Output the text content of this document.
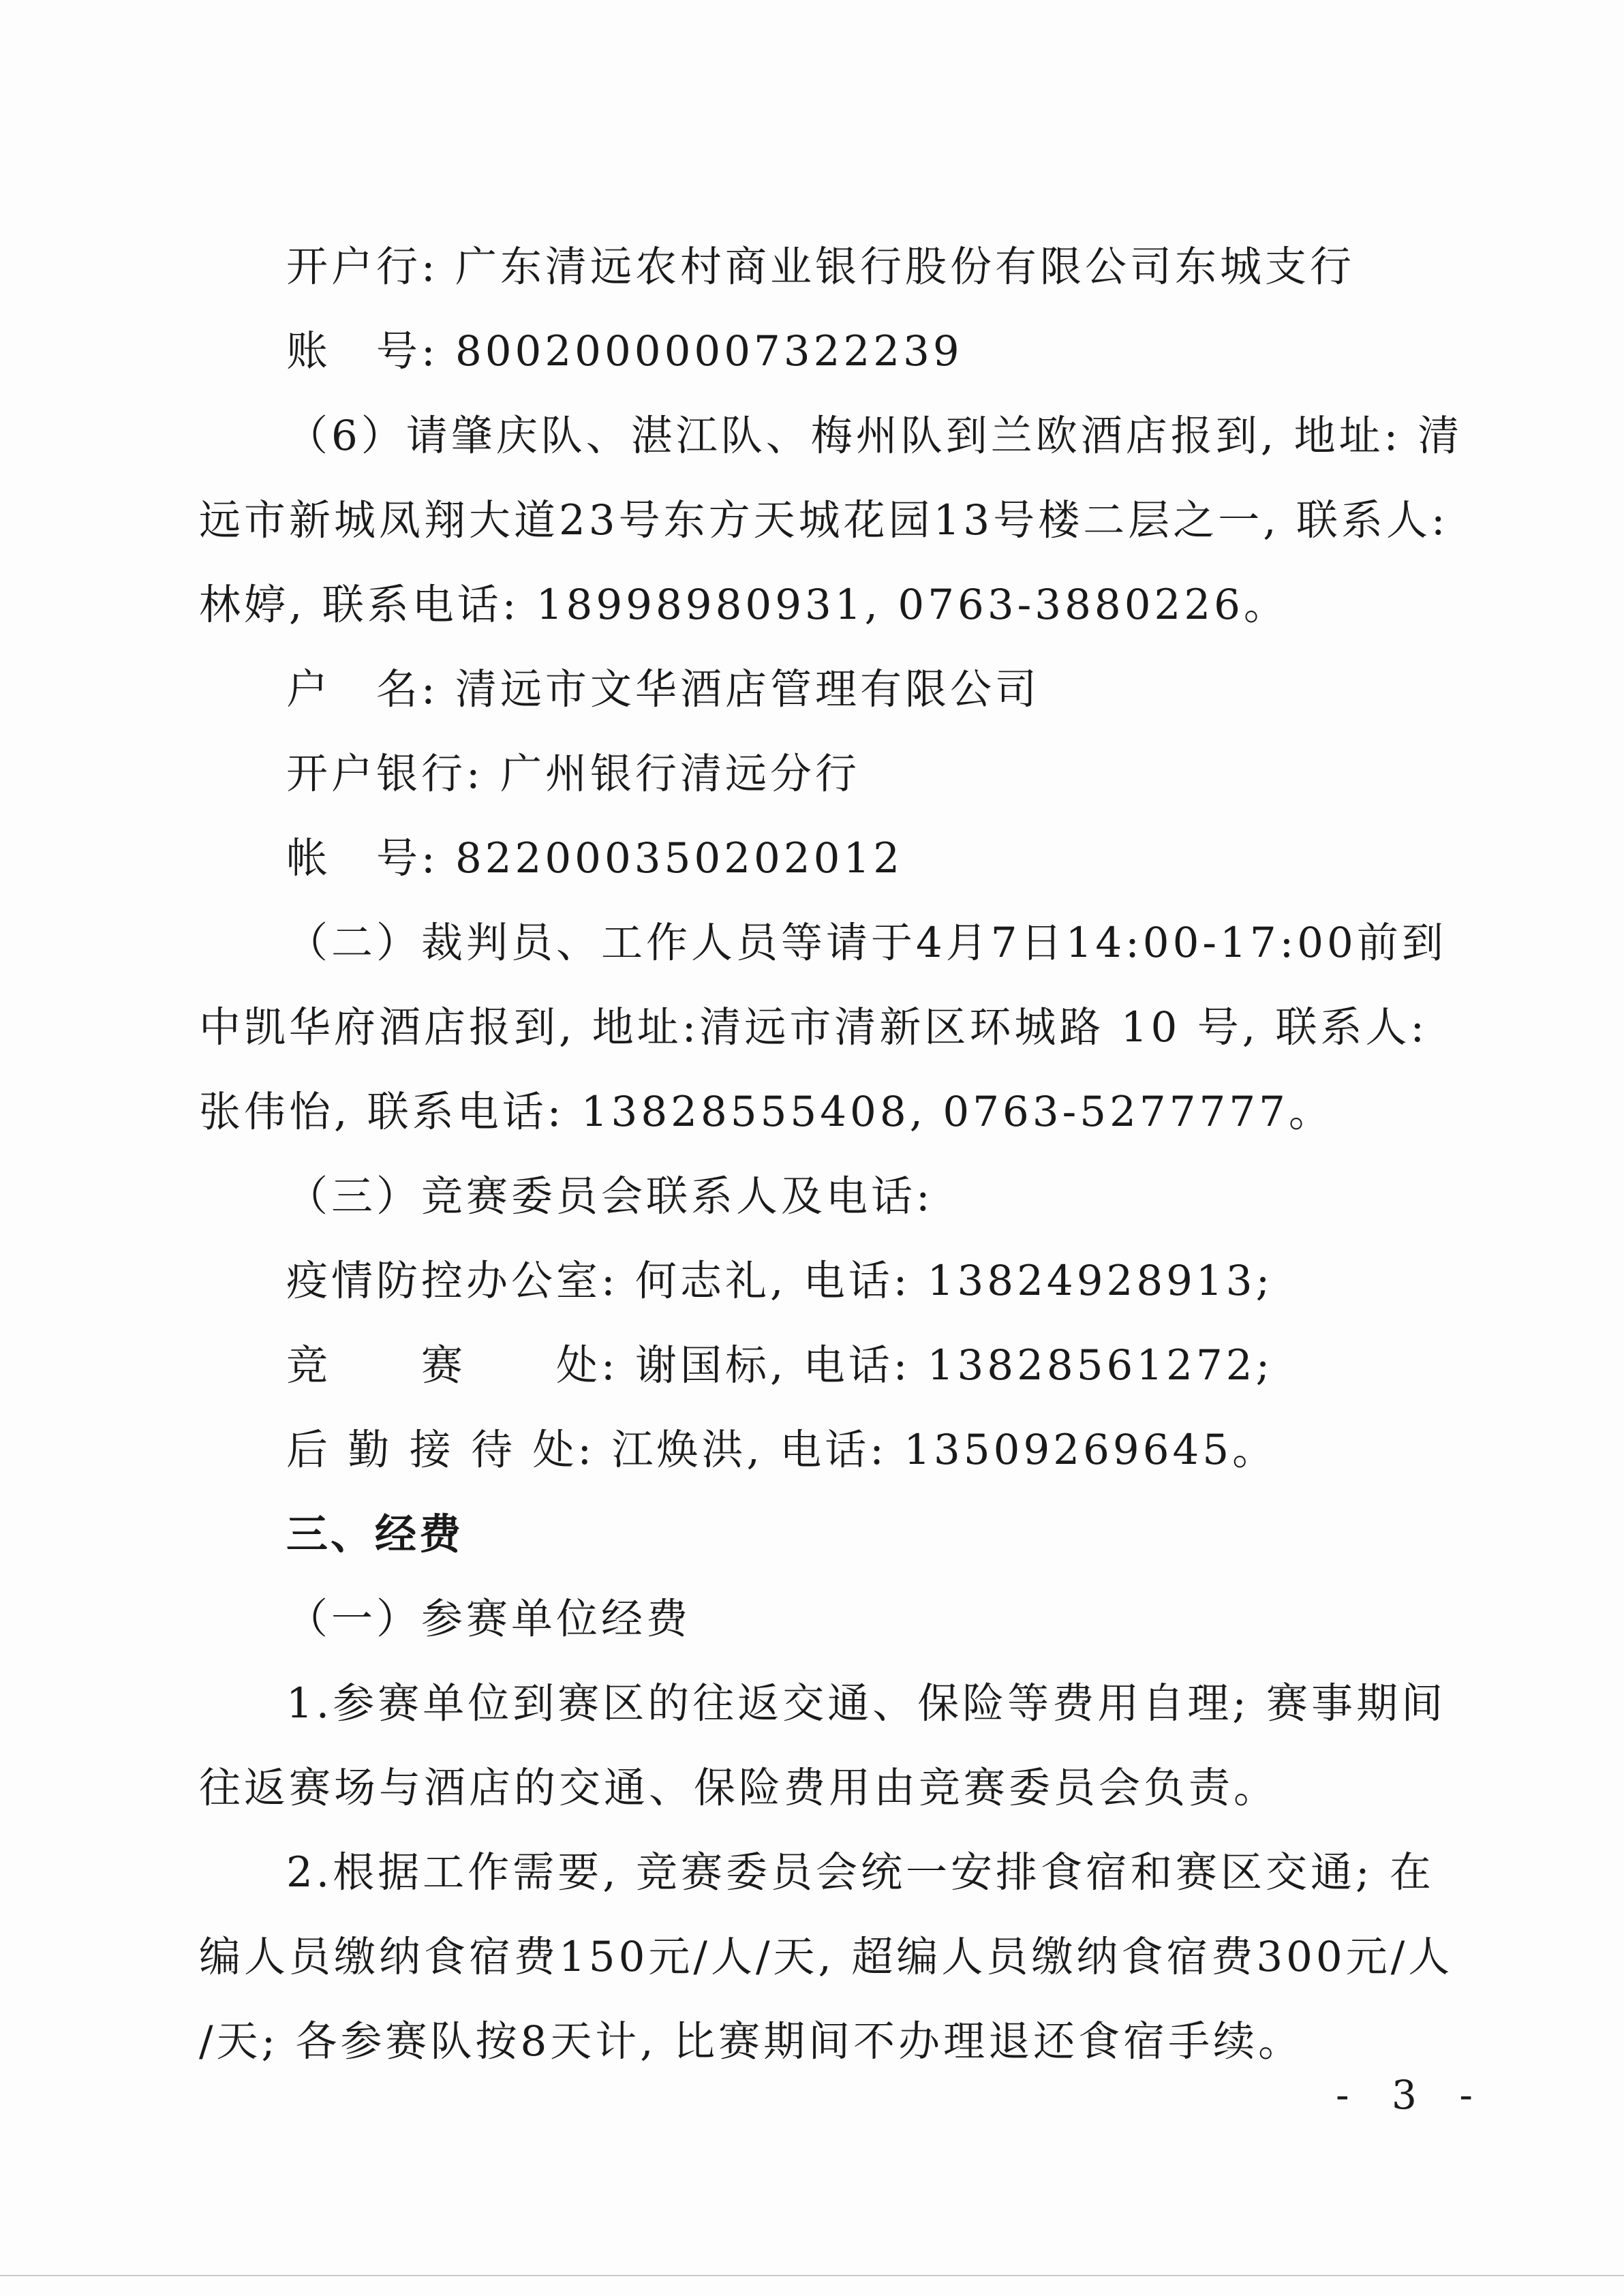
开户行: 广东清远农村商业银行股份有限公司东城支行
账　号: 80020000007322239
（6）请肇庆队、湛江队、梅州队到兰欧酒店报到, 地址: 清
远市新城凤翔大道23号东方天城花园13号楼二层之一, 联系人:
林婷, 联系电话: 18998980931, 0763-3880226。
户　名: 清远市文华酒店管理有限公司
开户银行: 广州银行清远分行
帐　号: 822000350202012
（二）裁判员、工作人员等请于4月7日14:00-17:00前到
中凯华府酒店报到, 地址:清远市清新区环城路 10 号, 联系人:
张伟怡, 联系电话: 13828555408, 0763-5277777。
（三）竞赛委员会联系人及电话:
疫情防控办公室: 何志礼, 电话: 13824928913;
竞　　赛　　处: 谢国标, 电话: 13828561272;
后 勤 接 待 处: 江焕洪, 电话: 13509269645。
三、经费
（一）参赛单位经费
1.参赛单位到赛区的往返交通、保险等费用自理; 赛事期间
往返赛场与酒店的交通、保险费用由竞赛委员会负责。
2.根据工作需要, 竞赛委员会统一安排食宿和赛区交通; 在
编人员缴纳食宿费150元/人/天, 超编人员缴纳食宿费300元/人
/天; 各参赛队按8天计, 比赛期间不办理退还食宿手续。
- 3 -
